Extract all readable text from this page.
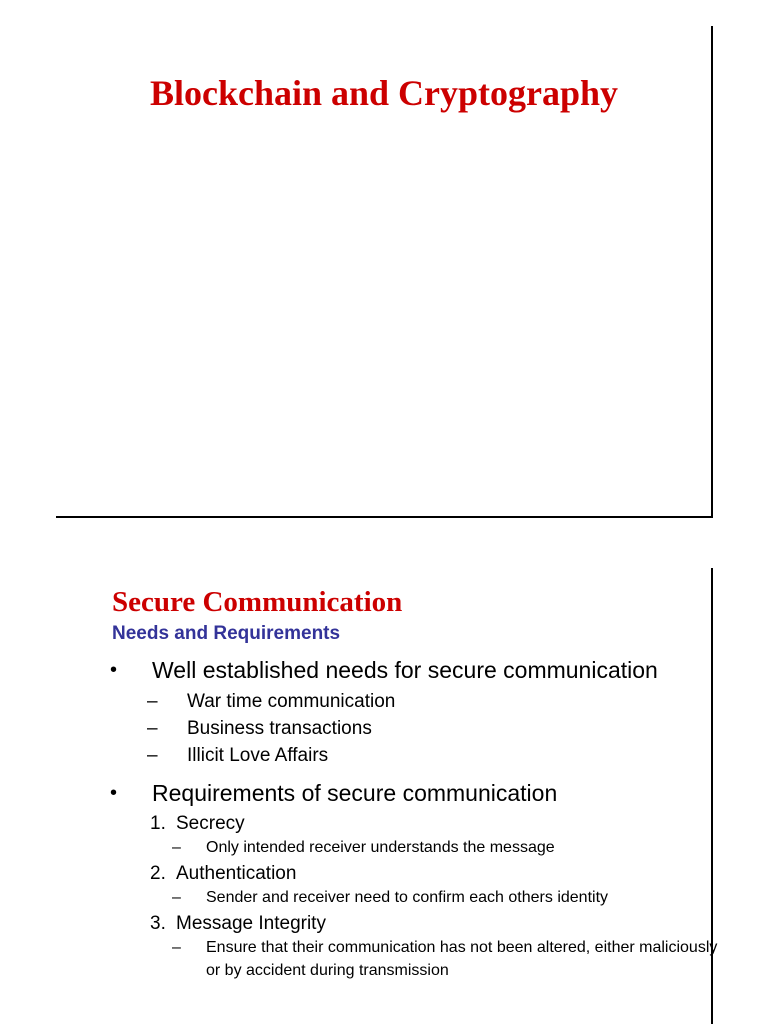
Blockchain and Cryptography
Secure Communication
Needs and Requirements
• Well established needs for secure communication
– War time communication
– Business transactions
– Illicit Love Affairs
• Requirements of secure communication
1. Secrecy
– Only intended receiver understands the message
2. Authentication
– Sender and receiver need to confirm each others identity
3. Message Integrity
– Ensure that their communication has not been altered, either maliciously or by accident during transmission
